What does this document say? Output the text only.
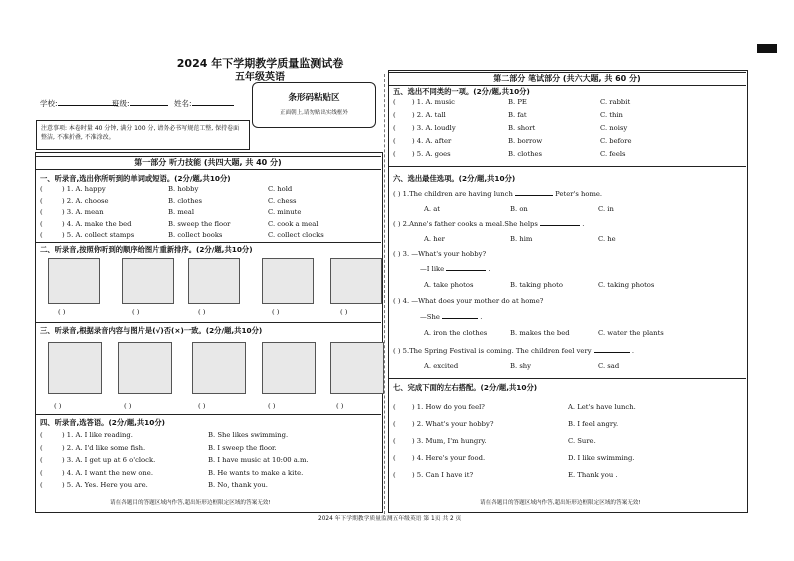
2024 年下学期教学质量监测试卷
五年级英语
学校:	班级:	姓名:
条形码粘贴区
正面朝上,请勿贴出实线框外
注意事项: 本卷时量 40 分钟, 满分 100 分, 请务必书写规范工整, 保持卷面整洁, 不准折叠, 不准涂改。
第一部分 听力技能 (共四大题, 共 40 分)
一、听录音,选出你所听到的单词或短语。(2分/题,共10分)
(	) 1. A. happy	B. hobby	C. hold
(	) 2. A. choose	B. clothes	C. chess
(	) 3. A. mean	B. meal	C. minute
(	) 4. A. make the bed	B. sweep the floor	C. cook a meal
(	) 5. A. collect stamps	B. collect books	C. collect clocks
二、听录音,按照你听到的顺序给图片重新排序。(2分/题,共10分)
( )	( )	( )	( )	( )
三、听录音,根据录音内容与图片是(√)否(×)一致。(2分/题,共10分)
( )	( )	( )	( )	( )
四、听录音,选答语。(2分/题,共10分)
(	) 1. A. I like reading.	B. She likes swimming.
(	) 2. A. I'd like some fish.	B. I sweep the floor.
(	) 3. A. I get up at 6 o'clock.	B. I have music at 10:00 a.m.
(	) 4. A. I want the new one.	B. He wants to make a kite.
(	) 5. A. Yes. Here you are.	B. No, thank you.
请在各题目的答题区域内作答,超出矩形边框限定区域的答案无效!
第二部分 笔试部分 (共六大题, 共 60 分)
五、选出不同类的一项。(2分/题,共10分)
( ) 1. A. music	B. PE	C. rabbit
( ) 2. A. tall	B. fat	C. thin
( ) 3. A. loudly	B. short	C. noisy
( ) 4. A. after	B. borrow	C. before
( ) 5. A. goes	B. clothes	C. feels
六、选出最佳选项。(2分/题,共10分)
( ) 1.The children are having lunch	Peter's home.
A. at	B. on	C. in
( ) 2.Anne's father cooks a meal.She helps	.
A. her	B. him	C. he
( ) 3. —What's your hobby?
—I like	.
A. take photos	B. taking photo	C. taking photos
( ) 4. —What does your mother do at home?
—She	.
A. iron the clothes	B. makes the bed	C. water the plants
( ) 5.The Spring Festival is coming. The children feel very	.
A. excited	B. shy	C. sad
七、完成下面的左右搭配。(2分/题,共10分)
( ) 1. How do you feel?	A. Let's have lunch.
( ) 2. What's your hobby?	B. I feel angry.
( ) 3. Mum, I'm hungry.	C. Sure.
( ) 4. Here's your food.	D. I like swimming.
( ) 5. Can I have it?	E. Thank you .
请在各题目的答题区域内作答,超出矩形边框限定区域的答案无效!
2024 年下学期教学质量监测五年级英语 第 1页 共 2 页
